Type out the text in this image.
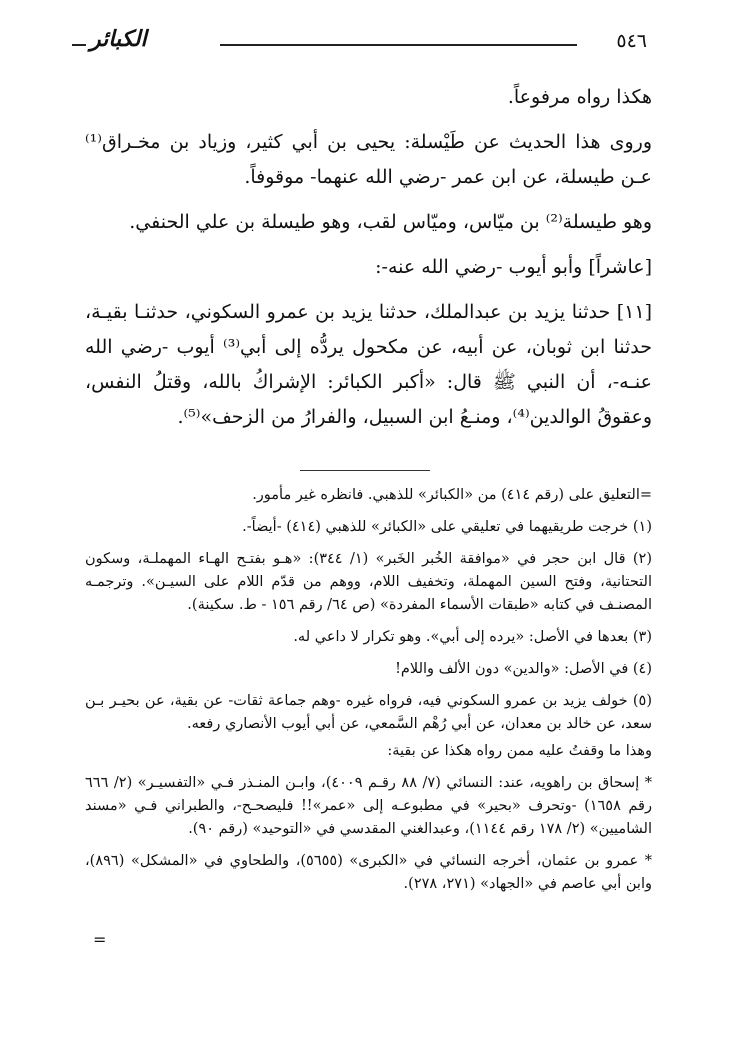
٥٤٦
الكبائر

هكذا رواه مرفوعاً.

وروى هذا الحديث عن طَيْسلة: يحيى بن أبي كثير، وزياد بن مخـراق⁽¹⁾ عـن طيسلة، عن ابن عمر -رضي الله عنهما- موقوفاً.

وهو طيسلة⁽²⁾ بن ميّاس، وميّاس لقب، وهو طيسلة بن علي الحنفي.

[عاشراً] وأبو أيوب -رضي الله عنه-:

[١١] حدثنا يزيد بن عبدالملك، حدثنا يزيد بن عمرو السكوني، حدثنـا بقيـة، حدثنا ابن ثوبان، عن أبيه، عن مكحول يردُّه إلى أبي⁽³⁾ أيوب -رضي الله عنـه-، أن النبي ﷺ قال: «أكبر الكبائر: الإشراكُ بالله، وقتلُ النفس، وعقوقُ الوالدين⁽⁴⁾، ومنـعُ ابن السبيل، والفرارُ من الزحف»⁽⁵⁾.

=التعليق على (رقم ٤١٤) من «الكبائر» للذهبي. فانظره غير مأمور.

(١) خرجت طريقيهما في تعليقي على «الكبائر» للذهبي (٤١٤) -أيضاً-.

(٢) قال ابن حجر في «موافقة الخُبر الخَبر» (١/ ٣٤٤): «هـو بفتـح الهـاء المهملـة، وسكون التحتانية، وفتح السين المهملة، وتخفيف اللام، ووهم من قدّم اللام على السيـن». وترجمـه المصنـف في كتابه «طبقات الأسماء المفردة» (ص ٦٤/ رقم ١٥٦ - ط. سكينة).

(٣) بعدها في الأصل: «يرده إلى أبي». وهو تكرار لا داعي له.

(٤) في الأصل: «والدين» دون الألف واللام!

(٥) خولف يزيد بن عمرو السكوني فيه، فرواه غيره -وهم جماعة ثقات- عن بقية، عن بحيـر بـن سعد، عن خالد بن معدان، عن أبي رُهْم السَّمعي، عن أبي أيوب الأنصاري رفعه.

وهذا ما وقفتُ عليه ممن رواه هكذا عن بقية:

* إسحاق بن راهويه، عند: النسائي (٧/ ٨٨ رقـم ٤٠٠٩)، وابـن المنـذر فـي «التفسيـر» (٢/ ٦٦٦ رقم ١٦٥٨) -وتحرف «بحير» في مطبوعـه إلى «عمر»!! فليصحـح-، والطبراني فـي «مسند الشاميين» (٢/ ١٧٨ رقم ١١٤٤)، وعبدالغني المقدسي في «التوحيد» (رقم ٩٠).

* عمرو بن عثمان، أخرجه النسائي في «الكبرى» (٥٦٥٥)، والطحاوي في «المشكل» (٨٩٦)، وابن أبي عاصم في «الجهاد» (٢٧١، ٢٧٨).

=
